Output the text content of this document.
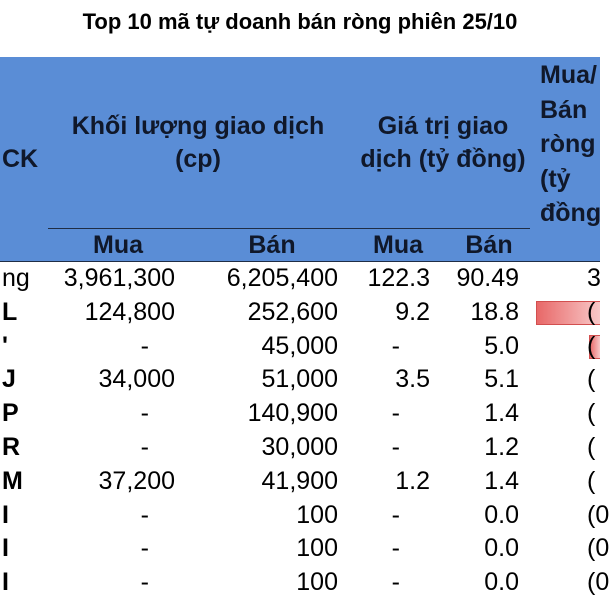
Top 10 mã tự doanh bán ròng phiên 25/10
CK
Khối lượng giao dịch
(cp)
Giá trị giao
dịch (tỷ đồng)
Mua/
Bán
ròng
(tỷ
đồng
Mua	Bán	Mua	Bán
ng	3,961,300	6,205,400	122.3	90.49	3
L	124,800	252,600	9.2	18.8	(
'	-	45,000	-	5.0	(
J	34,000	51,000	3.5	5.1	(
P	-	140,900	-	1.4	(
R	-	30,000	-	1.2	(
M	37,200	41,900	1.2	1.4	(
I	-	100	-	0.0	(0
I	-	100	-	0.0	(0
I	-	100	-	0.0	(0
